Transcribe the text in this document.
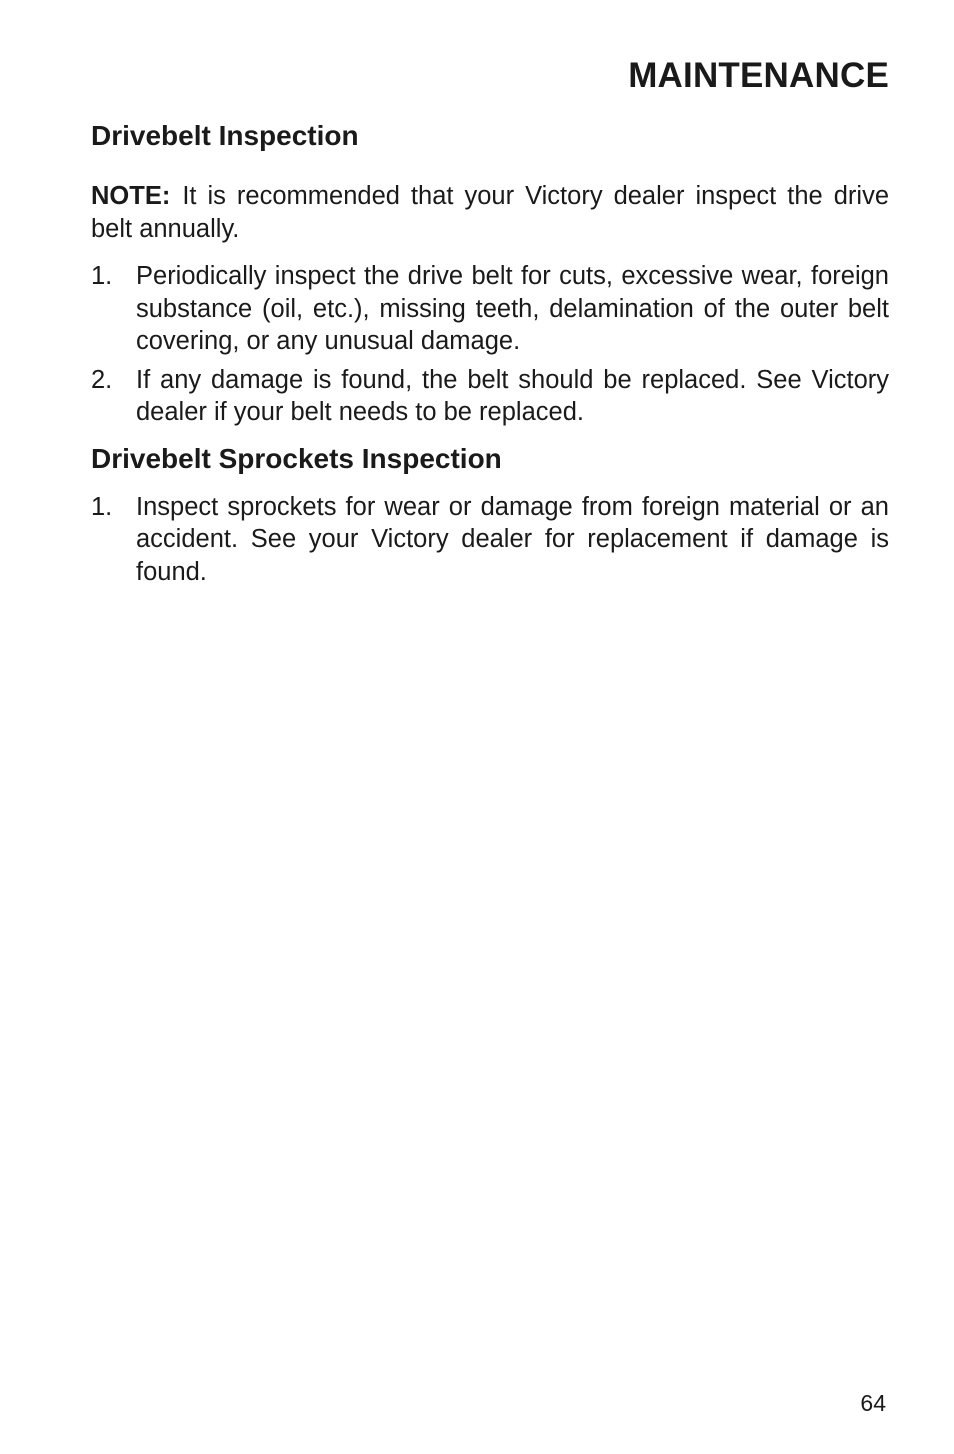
MAINTENANCE
Drivebelt Inspection

NOTE: It is recommended that your Victory dealer inspect the drive belt annually.

1. Periodically inspect the drive belt for cuts, excessive wear, foreign substance (oil, etc.), missing teeth, delamination of the outer belt covering, or any unusual damage.
2. If any damage is found, the belt should be replaced. See Victory dealer if your belt needs to be replaced.
Drivebelt Sprockets Inspection
1. Inspect sprockets for wear or damage from foreign material or an accident. See your Victory dealer for replacement if damage is found.
64
